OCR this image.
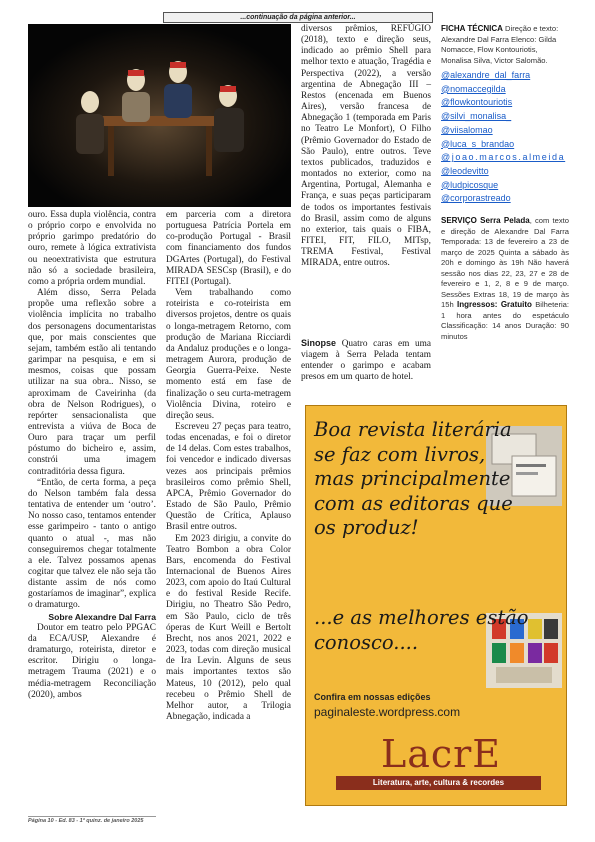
...continuação da página anterior...

ouro. Essa dupla violência, contra o próprio corpo e envolvida no próprio garimpo predatório do ouro, remete à lógica extrativista ou neoextrativista que estrutura não só a sociedade brasileira, como a própria ordem mundial.

Além disso, Serra Pelada propõe uma reflexão sobre a violência implícita no trabalho dos personagens documentaristas que, por mais conscientes que sejam, também estão ali tentando garimpar na pesquisa, e em si mesmos, coisas que possam utilizar na sua obra.. Nisso, se aproximam de Caveirinha (da obra de Nelson Rodrigues), o repórter sensacionalista que entrevista a viúva de Boca de Ouro para traçar um perfil póstumo do bicheiro e, assim, constrói uma imagem contraditória dessa figura.

“Então, de certa forma, a peça do Nelson também fala dessa tentativa de entender um ‘outro’. No nosso caso, tentamos entender esse garimpeiro - tanto o antigo quanto o atual -, mas não conseguiremos chegar totalmente a ele. Talvez possamos apenas cogitar que talvez ele não seja tão distante assim de nós como gostaríamos de imaginar”, explica o dramaturgo.

Sobre Alexandre Dal Farra

Doutor em teatro pelo PPGAC da ECA/USP, Alexandre é dramaturgo, roteirista, diretor e escritor. Dirigiu o longa-metragem Trauma (2021) e o média-metragem Reconciliação (2020), ambos

em parceria com a diretora portuguesa Patrícia Portela em co-produção Portugal - Brasil com financiamento dos fundos DGArtes (Portugal), do Festival MIRADA SESCsp (Brasil), e do FITEI (Portugal).

Vem trabalhando como roteirista e co-roteirista em diversos projetos, dentre os quais o longa-metragem Retorno, com produção de Mariana Ricciardi da Andaluz produções e o longa-metragem Aurora, produção de Georgia Guerra-Peixe. Neste momento está em fase de finalização o seu curta-metragem Violência Divina, roteiro e direção seus.

Escreveu 27 peças para teatro, todas encenadas, e foi o diretor de 14 delas. Com estes trabalhos, foi vencedor e indicado diversas vezes aos principais prêmios brasileiros como prêmio Shell, APCA, Prêmio Governador do Estado de São Paulo, Prêmio Questão de Crítica, Aplauso Brasil entre outros.

Em 2023 dirigiu, a convite do Teatro Bombon a obra Color Bars, encomenda do Festival Internacional de Buenos Aires 2023, com apoio do Itaú Cultural e do festival Reside Recife. Dirigiu, no Theatro São Pedro, em São Paulo, ciclo de três óperas de Kurt Weill e Bertolt Brecht, nos anos 2021, 2022 e 2023, todas com direção musical de Ira Levin. Alguns de seus mais importantes textos são Mateus, 10 (2012), pelo qual recebeu o Prêmio Shell de Melhor autor, a Trilogia Abnegação, indicada a

diversos prêmios, REFÚGIO (2018), texto e direção seus, indicado ao prêmio Shell para melhor texto e atuação, Tragédia e Perspectiva (2022), a versão argentina de Abnegação III – Restos (encenada em Buenos Aires), versão francesa de Abnegação 1 (temporada em Paris no Teatro Le Monfort), O Filho (Prêmio Governador do Estado de São Paulo), entre outros. Teve textos publicados, traduzidos e montados no exterior, como na Argentina, Portugal, Alemanha e França, e suas peças participaram de todos os importantes festivais do Brasil, assim como de alguns no exterior, tais quais o FIBA, FITEI, FIT, FILO, MITsp, TREMA Festival, Festival MIRADA, entre outros.

Sinopse Quatro caras em uma viagem à Serra Pelada tentam entender o garimpo e acabam presos em um quarto de hotel.
FICHA TÉCNICA Direção e texto: Alexandre Dal Farra Elenco: Gilda Nomacce, Flow Kontouriotis, Monalisa Silva, Victor Salomão.
@alexandre_dal_farra
@nomaccegilda
@flowkontouriotis
@silvi_monalisa_
@viisalomao
@luca_s_brandao
@joao.marcos.almeida
@leodevitto
@ludpicosque
@corporastreado
SERVIÇO Serra Pelada, com texto e direção de Alexandre Dal Farra Temporada: 13 de fevereiro a 23 de março de 2025 Quinta a sábado às 20h e domingo às 19h Não haverá sessão nos dias 22, 23, 27 e 28 de fevereiro e 1, 2, 8 e 9 de março. Sessões Extras 18, 19 de março às 15h Ingressos: Gratuito Bilheteria: 1 hora antes do espetáculo Classificação: 14 anos Duração: 90 minutos
Boa revista literária se faz com livros, mas principalmente com as editoras que os produz!
...e as melhores estão conosco....
Confira em nossas edições
paginaleste.wordpress.com
LacrE
Literatura, arte, cultura & recordes
Página 10 - Ed. 83 - 1ª quinz. de janeiro 2025
